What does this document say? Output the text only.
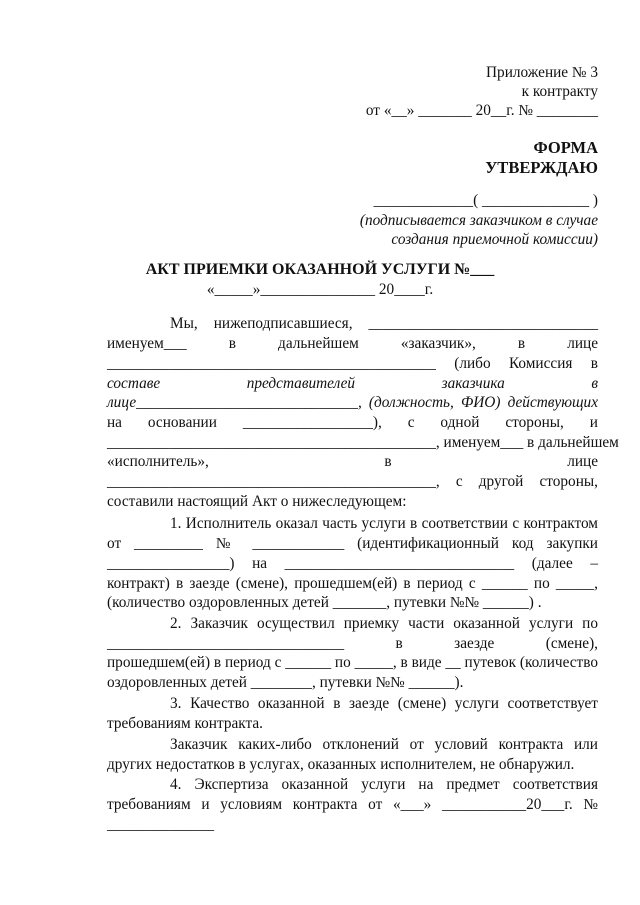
Приложение № 3
к контракту
от «__» _______ 20__г. № ________
ФОРМА
УТВЕРЖДАЮ
_____________( ______________ )
(подписывается заказчиком в случае
создания приемочной комиссии)
АКТ ПРИЕМКИ ОКАЗАННОЙ УСЛУГИ №___
«_____»_______________ 20____г.
Мы, нижеподписавшиеся, ______________________________
именуем___ в дальнейшем «заказчик», в лице
___________________________________________ (либо Комиссия в
составе представителей заказчика в
лице_____________________________, (должность, ФИО) действующих
на основании _________________), с одной стороны, и
___________________________________________, именуем___ в дальнейшем
«исполнитель», в лице
___________________________________________, с другой стороны,
составили настоящий Акт о нижеследующем:
1. Исполнитель оказал часть услуги в соответствии с контрактом
от _________ № ____________ (идентификационный код закупки
________________) на ______________________________ (далее –
контракт) в заезде (смене), прошедшем(ей) в период с ______ по _____,
(количество оздоровленных детей _______, путевки №№ ______) .
2. Заказчик осуществил приемку части оказанной услуги по
_______________________________ в заезде (смене),
прошедшем(ей) в период с ______ по _____, в виде __ путевок (количество
оздоровленных детей ________, путевки №№ ______).
3. Качество оказанной в заезде (смене) услуги соответствует
требованиям контракта.
Заказчик каких-либо отклонений от условий контракта или
других недостатков в услугах, оказанных исполнителем, не обнаружил.
4. Экспертиза оказанной услуги на предмет соответствия
требованиям и условиям контракта от «___» ___________20___г. №
______________
